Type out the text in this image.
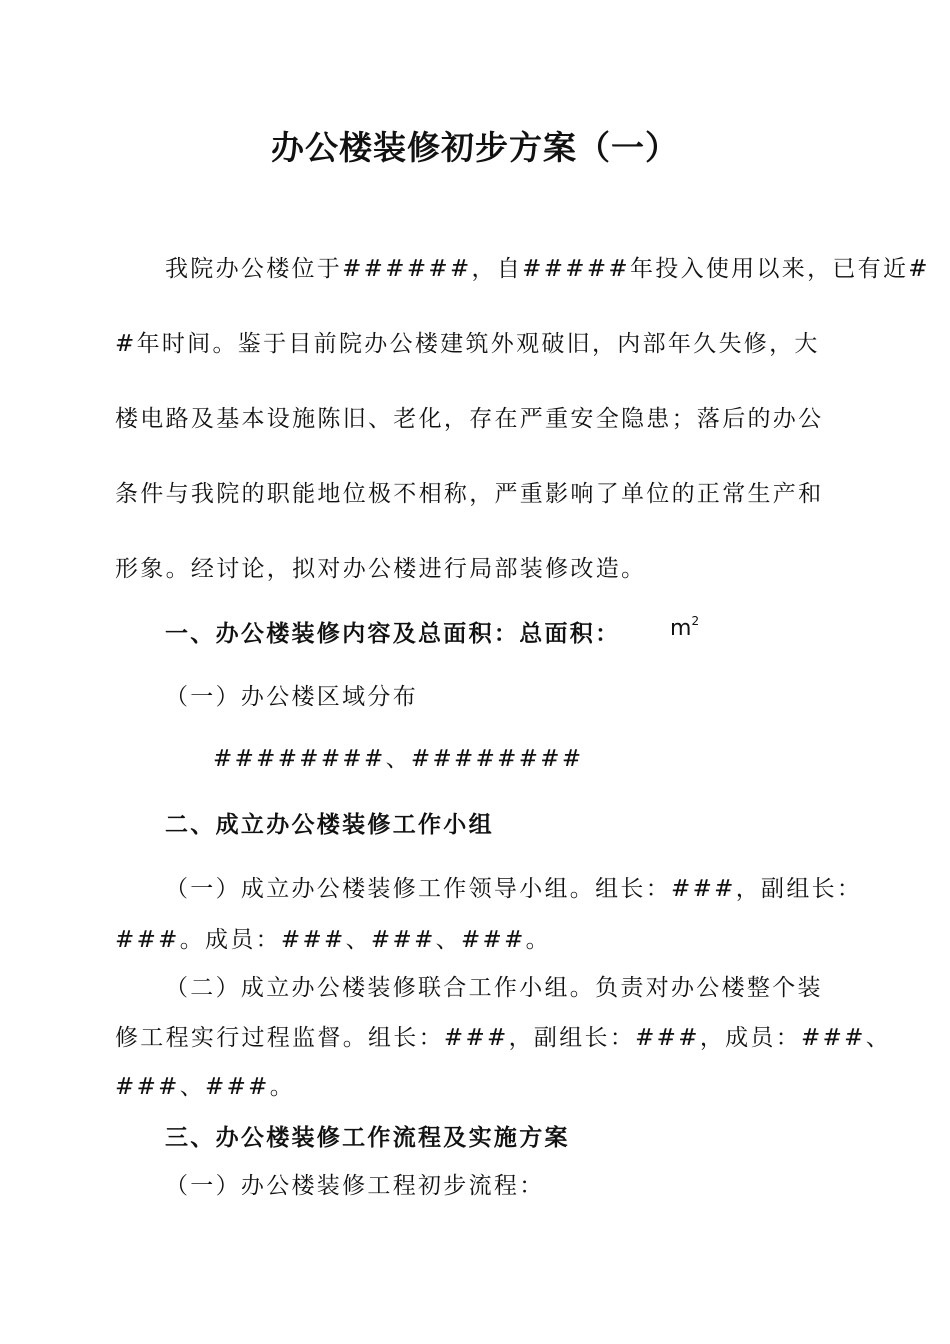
办公楼装修初步方案（一）
我院办公楼位于######，自#####年投入使用以来，已有近#
#年时间。鉴于目前院办公楼建筑外观破旧，内部年久失修，大
楼电路及基本设施陈旧、老化，存在严重安全隐患；落后的办公
条件与我院的职能地位极不相称，严重影响了单位的正常生产和
形象。经讨论，拟对办公楼进行局部装修改造。
一、办公楼装修内容及总面积：总面积： $m^2$
（一）办公楼区域分布
########、########
二、成立办公楼装修工作小组
（一）成立办公楼装修工作领导小组。组长：###，副组长：
###。成员：###、###、###。
（二）成立办公楼装修联合工作小组。负责对办公楼整个装
修工程实行过程监督。组长：###，副组长：###，成员：###、
###、###。
三、办公楼装修工作流程及实施方案
（一）办公楼装修工程初步流程：
